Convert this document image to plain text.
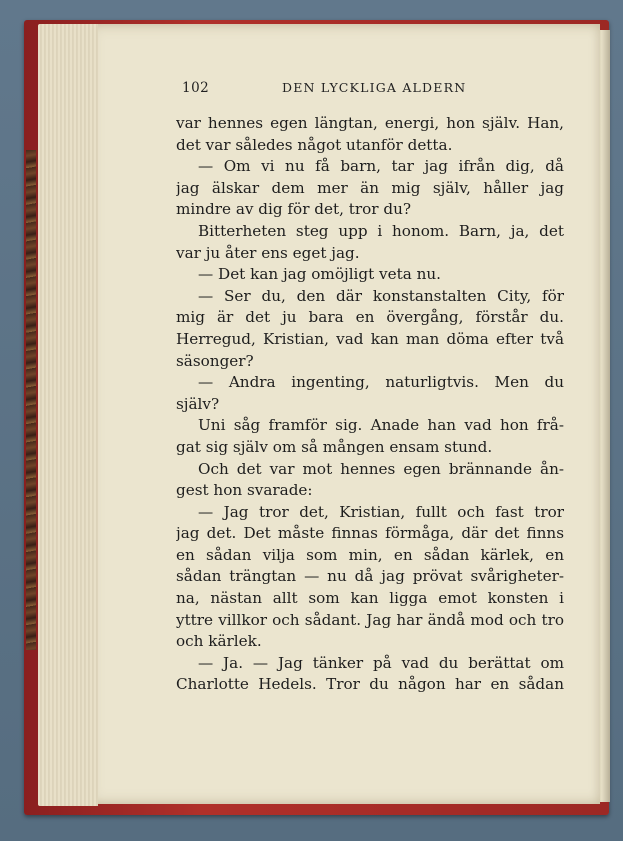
102	DEN LYCKLIGA ALDERN
var hennes egen längtan, energi, hon själv. Han,
det var således något utanför detta.
— Om vi nu få barn, tar jag ifrån dig, då
jag älskar dem mer än mig själv, håller jag
mindre av dig för det, tror du?
Bitterheten steg upp i honom. Barn, ja, det
var ju åter ens eget jag.
— Det kan jag omöjligt veta nu.
— Ser du, den där konstanstalten City, för
mig är det ju bara en övergång, förstår du.
Herregud, Kristian, vad kan man döma efter två
säsonger?
— Andra ingenting, naturligtvis. Men du
själv?
Uni såg framför sig. Anade han vad hon frå-
gat sig själv om så mången ensam stund.
Och det var mot hennes egen brännande ån-
gest hon svarade:
— Jag tror det, Kristian, fullt och fast tror
jag det. Det måste finnas förmåga, där det finns
en sådan vilja som min, en sådan kärlek, en
sådan trängtan — nu då jag prövat svårigheter-
na, nästan allt som kan ligga emot konsten i
yttre villkor och sådant. Jag har ändå mod och tro
och kärlek.
— Ja. — Jag tänker på vad du berättat om
Charlotte Hedels. Tror du någon har en sådan
